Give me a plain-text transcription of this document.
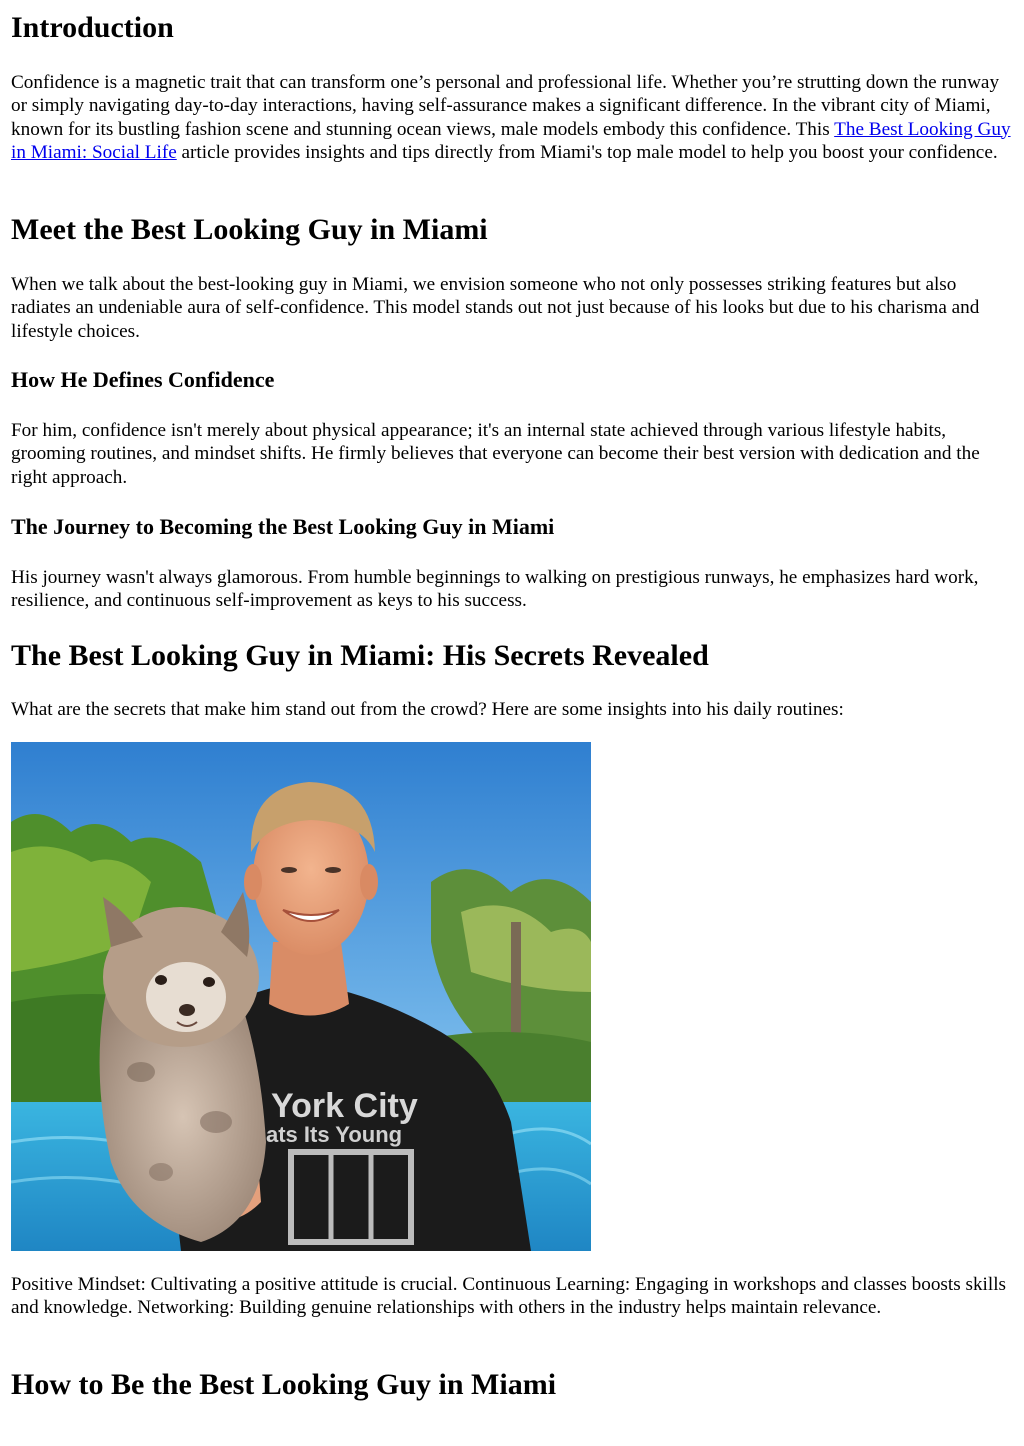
Introduction

Confidence is a magnetic trait that can transform one’s personal and professional life. Whether you’re strutting down the runway or simply navigating day-to-day interactions, having self-assurance makes a significant difference. In the vibrant city of Miami, known for its bustling fashion scene and stunning ocean views, male models embody this confidence. This The Best Looking Guy in Miami: Social Life article provides insights and tips directly from Miami's top male model to help you boost your confidence.

Meet the Best Looking Guy in Miami

When we talk about the best-looking guy in Miami, we envision someone who not only possesses striking features but also radiates an undeniable aura of self-confidence. This model stands out not just because of his looks but due to his charisma and lifestyle choices.

How He Defines Confidence

For him, confidence isn't merely about physical appearance; it's an internal state achieved through various lifestyle habits, grooming routines, and mindset shifts. He firmly believes that everyone can become their best version with dedication and the right approach.

The Journey to Becoming the Best Looking Guy in Miami

His journey wasn't always glamorous. From humble beginnings to walking on prestigious runways, he emphasizes hard work, resilience, and continuous self-improvement as keys to his success.

The Best Looking Guy in Miami: His Secrets Revealed

What are the secrets that make him stand out from the crowd? Here are some insights into his daily routines:

York City
ats Its Young

Positive Mindset: Cultivating a positive attitude is crucial. Continuous Learning: Engaging in workshops and classes boosts skills and knowledge. Networking: Building genuine relationships with others in the industry helps maintain relevance.

How to Be the Best Looking Guy in Miami
